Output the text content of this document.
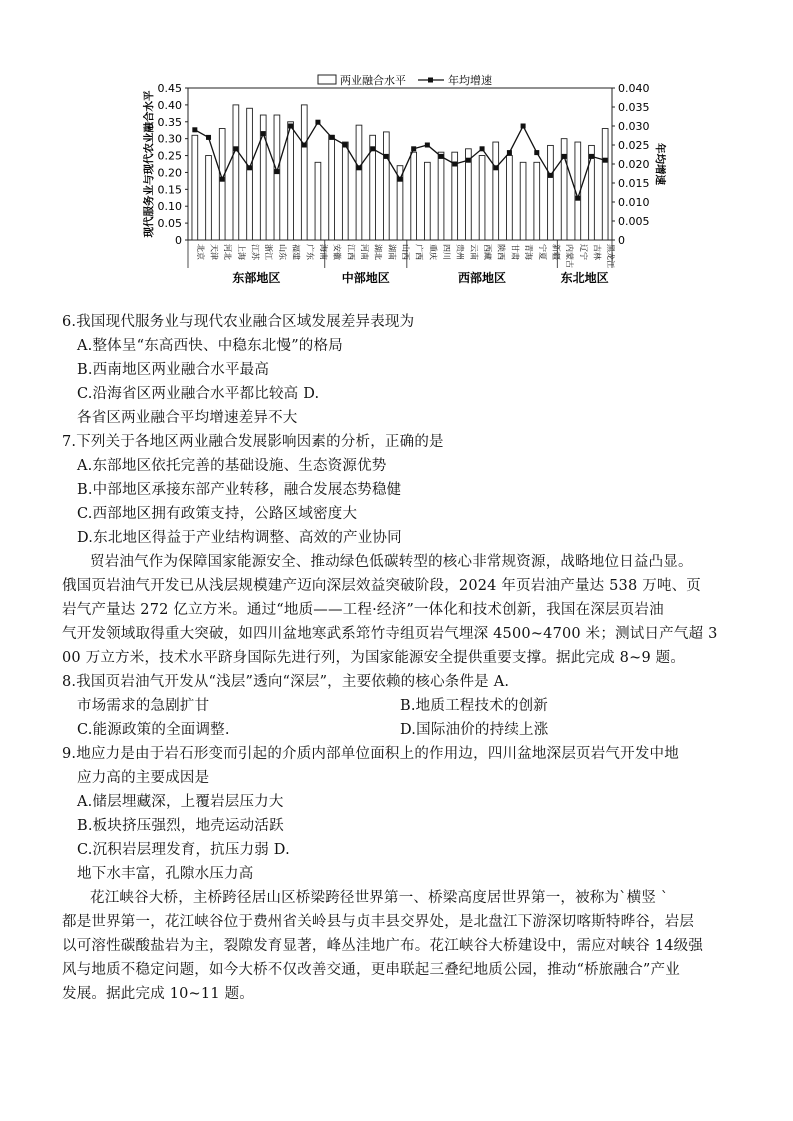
0.45
0.40
0.35
0.30
0.25
0.20
0.15
0.10
0.05
0
0.040
0.035
0.030
0.025
0.020
0.015
0.010
0.005
0
现代服务业与现代农业融合水平	年均增速
北京 天津 河北 上海 江苏 浙江 山东 福建 广东 海南 安徽 江西 河南 湖北 湖南 山西 广西 重庆 四川 贵州 云南 西藏 陕西 甘肃 青海 宁夏 新疆 内蒙古 辽宁 吉林 黑龙江
东部地区	中部地区	西部地区	东北地区
两业融合水平	年均增速
6.我国现代服务业与现代农业融合区域发展差异表现为
A.整体呈“东高西快、中稳东北慢”的格局
B.西南地区两业融合水平最高
C.沿海省区两业融合水平都比较高 D.
各省区两业融合平均增速差异不大
7.下列关于各地区两业融合发展影响因素的分析，正确的是
A.东部地区依托完善的基础设施、生态资源优势
B.中部地区承接东部产业转移，融合发展态势稳健
C.西部地区拥有政策支持，公路区域密度大
D.东北地区得益于产业结构调整、高效的产业协同
贸岩油气作为保障国家能源安全、推动绿色低碳转型的核心非常规资源，战略地位日益凸显。
俄国页岩油气开发已从浅层规模建产迈向深层效益突破阶段，2024 年页岩油产量达 538 万吨、页
岩气产量达 272 亿立方米。通过“地质——工程·经济”一体化和技术创新，我国在深层页岩油
气开发领域取得重大突破，如四川盆地寒武系筇竹寺组页岩气埋深 4500~4700 米；测试日产气超 3
00 万立方米，技术水平跻身国际先进行列，为国家能源安全提供重要支撑。据此完成 8~9 题。
8.我国页岩油气开发从“浅层”透向“深层”，主要依赖的核心条件是 A.
市场需求的急剧扩甘	B.地质工程技术的创新
C.能源政策的全面调整.	D.国际油价的持续上涨
9.地应力是由于岩石形变而引起的介质内部单位面积上的作用边，四川盆地深层页岩气开发中地
应力高的主要成因是
A.储层埋藏深，上覆岩层压力大
B.板块挤压强烈，地壳运动活跃
C.沉积岩层理发育，抗压力弱 D.
地下水丰富，孔隙水压力高
花江峡谷大桥，主桥跨径居山区桥梁跨径世界第一、桥梁高度居世界第一，被称为`横竖 `
都是世界第一，花江峡谷位于费州省关岭县与贞丰县交界处，是北盘江下游深切喀斯特晔谷，岩层
以可溶性碳酸盐岩为主，裂隙发育显著，峰丛洼地广布。花江峡谷大桥建设中，需应对峡谷 14级强
风与地质不稳定问题，如今大桥不仅改善交通，更串联起三叠纪地质公园，推动“桥旅融合”产业
发展。据此完成 10~11 题。
